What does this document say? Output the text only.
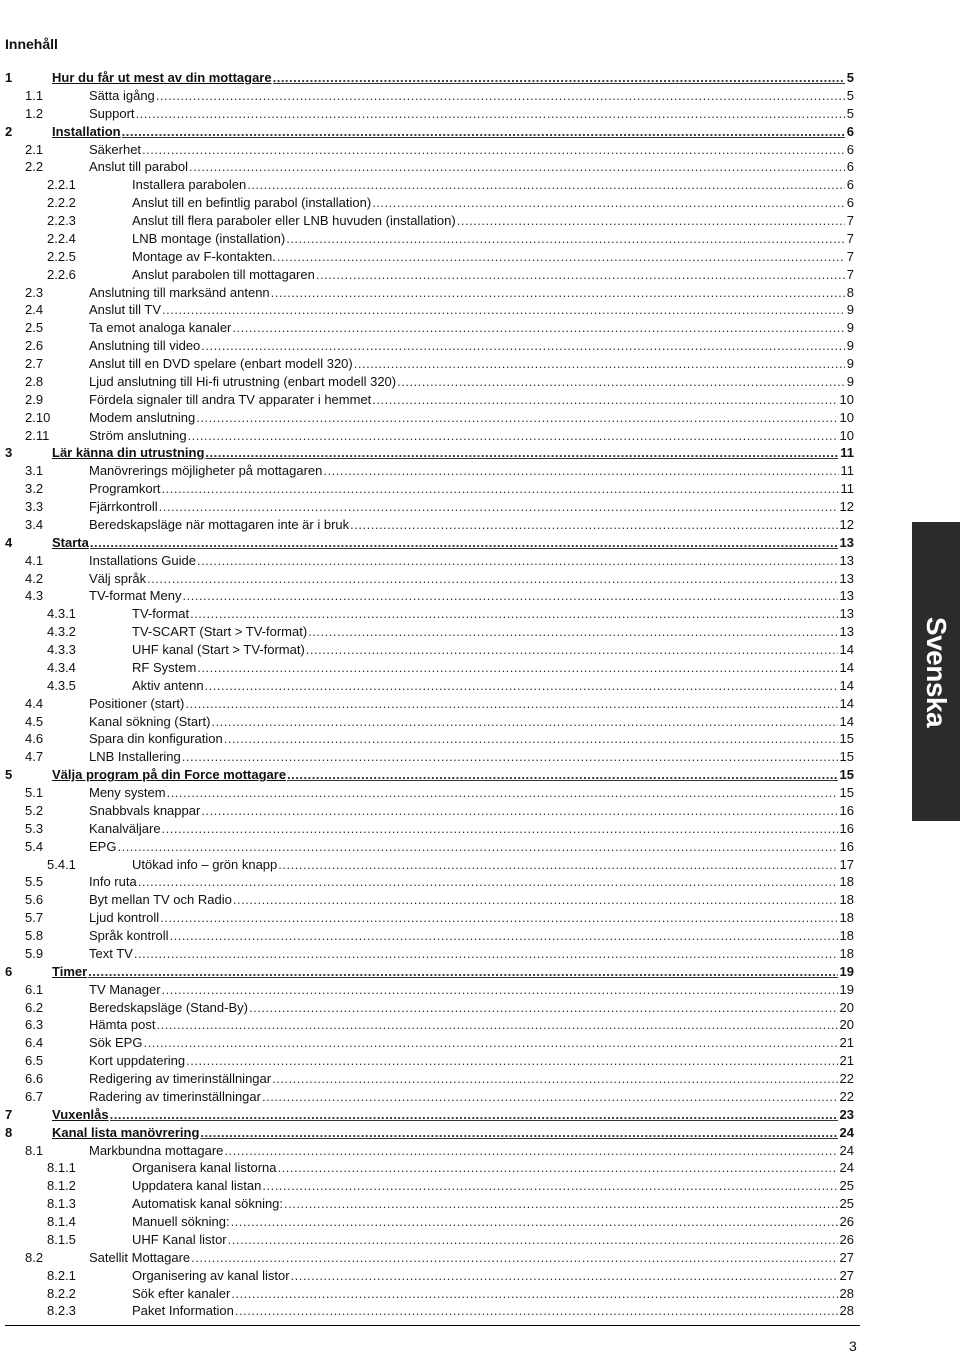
Innehåll
1	Hur du får ut mest av din mottagare .....	5
1.1	Sätta igång .....	5
1.2	Support .....	5
2	Installation .....	6
2.1	Säkerhet .....	6
2.2	Anslut till parabol .....	6
2.2.1	Installera parabolen .....	6
2.2.2	Anslut till en befintlig parabol (installation) .....	6
2.2.3	Anslut till flera paraboler eller LNB huvuden (installation) .....	7
2.2.4	LNB montage (installation) .....	7
2.2.5	Montage av F-kontakten. .....	7
2.2.6	Anslut parabolen till mottagaren .....	7
2.3	Anslutning till marksänd antenn .....	8
2.4	Anslut till TV .....	9
2.5	Ta emot analoga kanaler .....	9
2.6	Anslutning till video .....	9
2.7	Anslut till en DVD spelare (enbart modell 320) .....	9
2.8	Ljud anslutning till Hi-fi utrustning (enbart modell 320) .....	9
2.9	Fördela signaler till andra TV apparater i hemmet .....	10
2.10	Modem anslutning .....	10
2.11	Ström anslutning .....	10
3	Lär känna din utrustning .....	11
3.1	Manövrerings möjligheter på mottagaren .....	11
3.2	Programkort .....	11
3.3	Fjärrkontroll .....	12
3.4	Beredskapsläge när mottagaren inte är i bruk .....	12
4	Starta .....	13
4.1	Installations Guide .....	13
4.2	Välj språk .....	13
4.3	TV-format Meny .....	13
4.3.1	TV-format .....	13
4.3.2	TV-SCART (Start > TV-format) .....	13
4.3.3	UHF kanal (Start > TV-format) .....	14
4.3.4	RF System .....	14
4.3.5	Aktiv antenn .....	14
4.4	Positioner (start) .....	14
4.5	Kanal sökning (Start) .....	14
4.6	Spara din konfiguration .....	15
4.7	LNB Installering .....	15
5	Välja program på din Force mottagare .....	15
5.1	Meny system .....	15
5.2	Snabbvals knappar .....	16
5.3	Kanalväljare .....	16
5.4	EPG .....	16
5.4.1	Utökad info – grön knapp .....	17
5.5	Info ruta .....	18
5.6	Byt mellan TV och Radio .....	18
5.7	Ljud kontroll .....	18
5.8	Språk kontroll .....	18
5.9	Text TV .....	18
6	Timer .....	19
6.1	TV Manager .....	19
6.2	Beredskapsläge (Stand-By) .....	20
6.3	Hämta post .....	20
6.4	Sök EPG .....	21
6.5	Kort uppdatering .....	21
6.6	Redigering av timerinställningar .....	22
6.7	Radering av timerinställningar .....	22
7	Vuxenlås .....	23
8	Kanal lista manövrering .....	24
8.1	Markbundna mottagare .....	24
8.1.1	Organisera kanal listorna .....	24
8.1.2	Uppdatera kanal listan .....	25
8.1.3	Automatisk kanal sökning: .....	25
8.1.4	Manuell sökning: .....	26
8.1.5	UHF Kanal listor .....	26
8.2	Satellit Mottagare .....	27
8.2.1	Organisering av kanal listor .....	27
8.2.2	Sök efter kanaler .....	28
8.2.3	Paket Information .....	28
Svenska
3
